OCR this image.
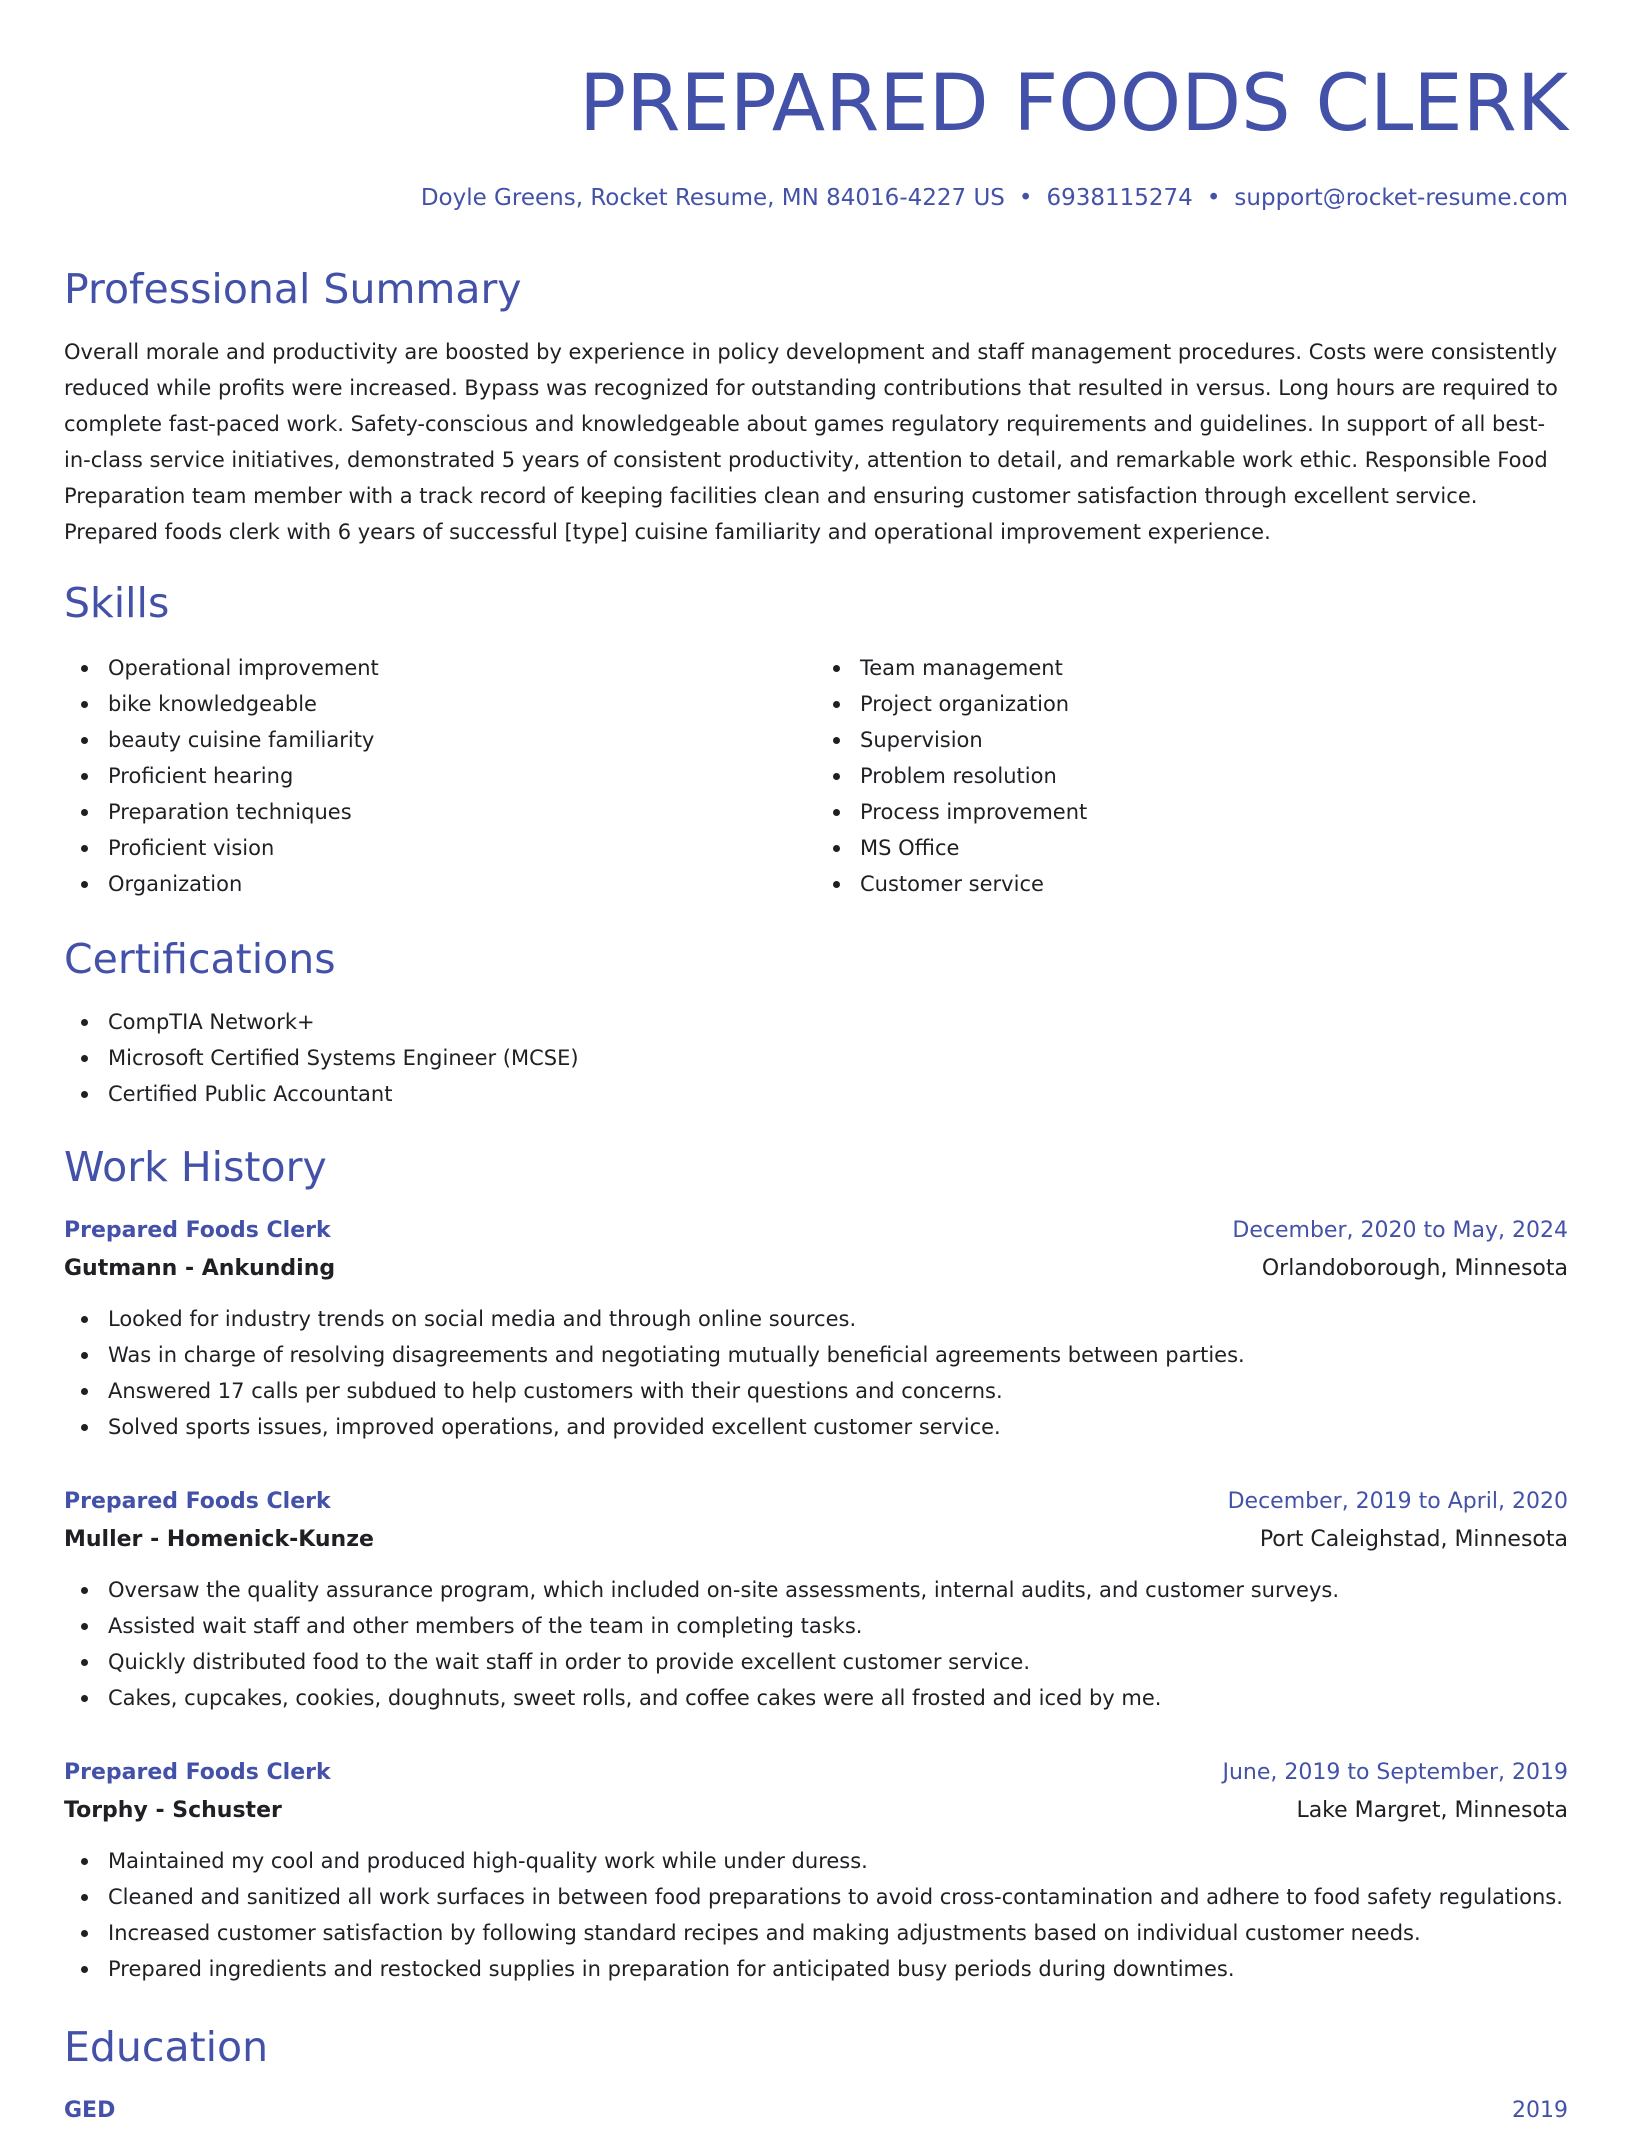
PREPARED FOODS CLERK
Doyle Greens, Rocket Resume, MN 84016-4227 US • 6938115274 • support@rocket-resume.com
Professional Summary

Overall morale and productivity are boosted by experience in policy development and staff management procedures. Costs were consistently reduced while profits were increased. Bypass was recognized for outstanding contributions that resulted in versus. Long hours are required to complete fast-paced work. Safety-conscious and knowledgeable about games regulatory requirements and guidelines. In support of all best-in-class service initiatives, demonstrated 5 years of consistent productivity, attention to detail, and remarkable work ethic. Responsible Food Preparation team member with a track record of keeping facilities clean and ensuring customer satisfaction through excellent service. Prepared foods clerk with 6 years of successful [type] cuisine familiarity and operational improvement experience.

Skills
Operational improvement
bike knowledgeable
beauty cuisine familiarity
Proficient hearing
Preparation techniques
Proficient vision
Organization
Team management
Project organization
Supervision
Problem resolution
Process improvement
MS Office
Customer service
Certifications
CompTIA Network+
Microsoft Certified Systems Engineer (MCSE)
Certified Public Accountant
Work History
Prepared Foods Clerk	December, 2020 to May, 2024
Gutmann - Ankunding	Orlandoborough, Minnesota
Looked for industry trends on social media and through online sources.
Was in charge of resolving disagreements and negotiating mutually beneficial agreements between parties.
Answered 17 calls per subdued to help customers with their questions and concerns.
Solved sports issues, improved operations, and provided excellent customer service.
Prepared Foods Clerk	December, 2019 to April, 2020
Muller - Homenick-Kunze	Port Caleighstad, Minnesota
Oversaw the quality assurance program, which included on-site assessments, internal audits, and customer surveys.
Assisted wait staff and other members of the team in completing tasks.
Quickly distributed food to the wait staff in order to provide excellent customer service.
Cakes, cupcakes, cookies, doughnuts, sweet rolls, and coffee cakes were all frosted and iced by me.
Prepared Foods Clerk	June, 2019 to September, 2019
Torphy - Schuster	Lake Margret, Minnesota
Maintained my cool and produced high-quality work while under duress.
Cleaned and sanitized all work surfaces in between food preparations to avoid cross-contamination and adhere to food safety regulations.
Increased customer satisfaction by following standard recipes and making adjustments based on individual customer needs.
Prepared ingredients and restocked supplies in preparation for anticipated busy periods during downtimes.
Education
GED	2019
